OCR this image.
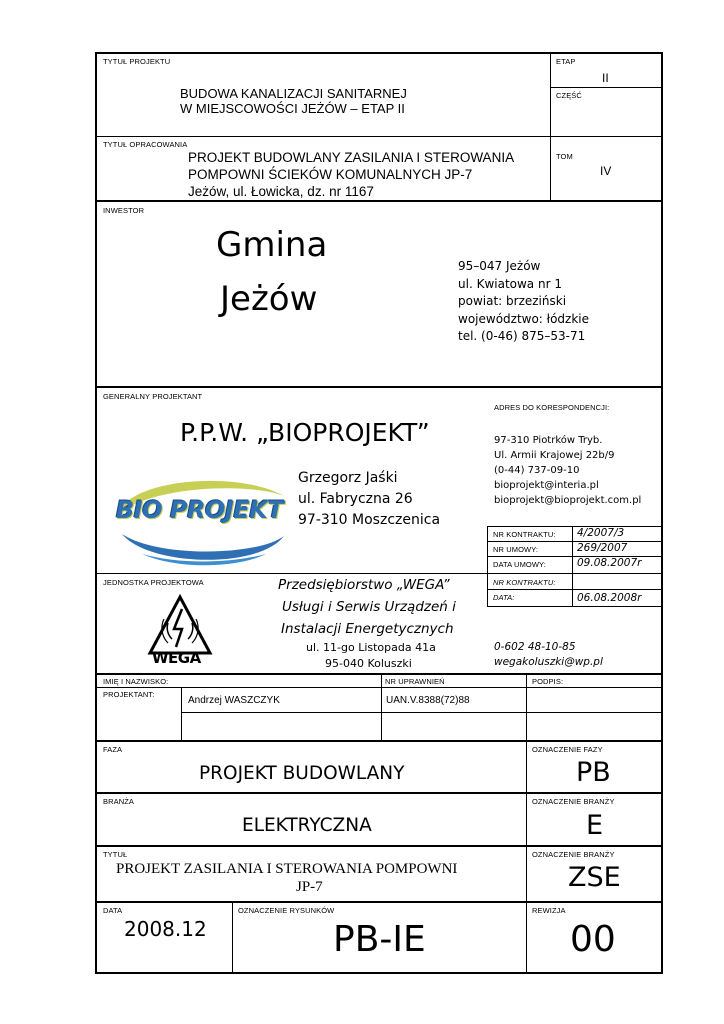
TYTUŁ PROJEKTU
BUDOWA KANALIZACJI SANITARNEJ
W MIEJSCOWOŚCI JEŻÓW – ETAP II
ETAP
II
CZĘŚĆ
TYTUŁ OPRACOWANIA
PROJEKT BUDOWLANY ZASILANIA I STEROWANIA
POMPOWNI ŚCIEKÓW KOMUNALNYCH JP-7
Jeżów, ul. Łowicka, dz. nr 1167
TOM
IV
INWESTOR
Gmina
Jeżów
95–047 Jeżów
ul. Kwiatowa nr 1
powiat: brzeziński
województwo: łódzkie
tel. (0-46) 875–53-71
GENERALNY PROJEKTANT
P.P.W. „BIOPROJEKT”
BIO PROJEKT
Grzegorz Jaśki
ul. Fabryczna 26
97-310 Moszczenica
ADRES DO KORESPONDENCJI:
97-310 Piotrków Tryb.
Ul. Armii Krajowej 22b/9
(0-44) 737-09-10
bioprojekt@interia.pl
bioprojekt@bioprojekt.com.pl
NR KONTRAKTU: 4/2007/3
NR UMOWY:	269/2007
DATA UMOWY:	09.08.2007r
JEDNOSTKA PROJEKTOWA
WEGA
Przedsiębiorstwo „WEGA”
Usługi i Serwis Urządzeń i
Instalacji Energetycznych
ul. 11-go Listopada 41a
95-040 Koluszki
NR KONTRAKTU:
DATA:	06.08.2008r
0-602 48-10-85
wegakoluszki@wp.pl
IMIĘ I NAZWISKO:	NR UPRAWNIEŃ	PODPIS:
PROJEKTANT:
Andrzej WASZCZYK	UAN.V.8388(72)88
FAZA
PROJEKT BUDOWLANY
OZNACZENIE FAZY
PB
BRANŻA
ELEKTRYCZNA
OZNACZENIE BRANŻY
E
TYTUŁ
PROJEKT ZASILANIA I STEROWANIA POMPOWNI
JP-7
OZNACZENIE BRANŻY
ZSE
DATA
2008.12
OZNACZENIE RYSUNKÓW
PB-IE
REWIZJA
00
